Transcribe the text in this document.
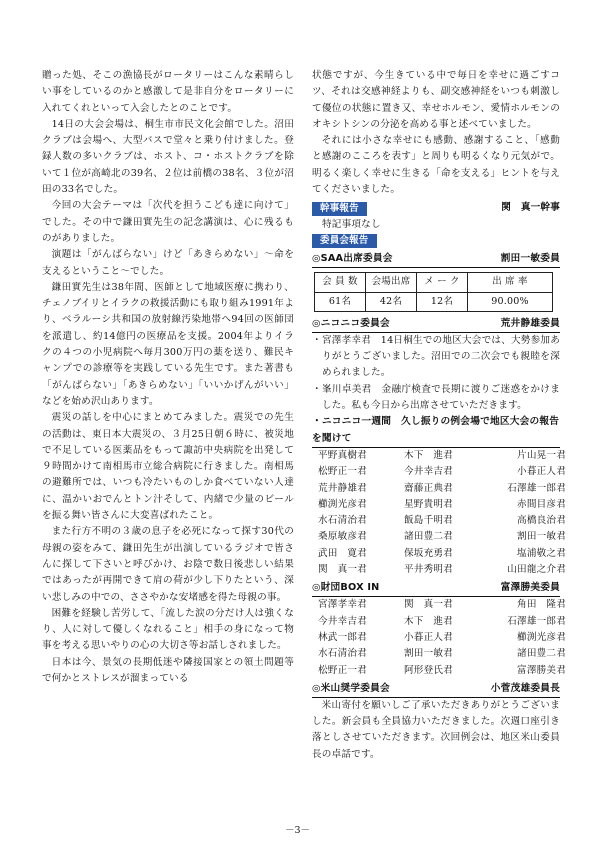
贈った処、そこの漁協長がロータリーはこんな素晴らしい事をしているのかと感激して是非自分をロータリーに入れてくれといって入会したとのことです。

14日の大会会場は、桐生市市民文化会館でした。沼田クラブは会場へ、大型バスで堂々と乗り付けました。登録人数の多いクラブは、ホスト、コ・ホストクラブを除いて１位が高崎北の39名、２位は前橋の38名、３位が沼田の33名でした。

今回の大会テーマは「次代を担うこども達に向けて」でした。その中で鎌田實先生の記念講演は、心に残るものがありました。

演題は「がんばらない」けど「あきらめない」～命を支えるということ～でした。

鎌田實先生は38年間、医師として地域医療に携わり、チェノブイリとイラクの救援活動にも取り組み1991年より、ベラルーシ共和国の放射線汚染地帯へ94回の医師団を派遣し、約14億円の医療品を支援。2004年よりイラクの４つの小児病院へ毎月300万円の薬を送り、難民キャンプでの診療等を実践している先生です。また著書も「がんばらない」「あきらめない」「いいかげんがいい」などを始め沢山あります。

震災の話しを中心にまとめてみました。震災での先生の活動は、東日本大震災の、３月25日朝６時に、被災地で不足している医薬品をもって諏訪中央病院を出発して９時間かけて南相馬市立総合病院に行きました。南相馬の避難所では、いつも冷たいものしか食べていない人達に、温かいおでんとトン汁そして、内緒で少量のビールを振る舞い皆さんに大変喜ばれたこと。

また行方不明の３歳の息子を必死になって探す30代の母親の姿をみて、鎌田先生が出演しているラジオで皆さんに探して下さいと呼びかけ、お陰で数日後悲しい結果ではあったが再開できて肩の荷が少し下りたという、深い悲しみの中での、ささやかな安堵感を得た母親の事。

困難を経験し苦労して、「流した涙の分だけ人は強くなり、人に対して優しくなれること」相手の身になって物事を考える思いやりの心の大切さ等お話しされました。

日本は今、景気の長期低迷や隣接国家との領土問題等で何かとストレスが溜まっている

状態ですが、今生きている中で毎日を幸せに過ごすコツ、それは交感神経よりも、副交感神経をいつも刺激して優位の状態に置き又、幸せホルモン、愛情ホルモンのオキシトシンの分泌を高める事と述べていました。

それには小さな幸せにも感動、感謝すること、「感動と感謝のこころを表す」と周りも明るくなり元気がで。明るく楽しく幸せに生きる「命を支える」ヒントを与えてくださいました。

幹事報告	関　真一幹事
特記事項なし
委員会報告
◎SAA出席委員会	割田一敏委員
会 員 数	会場出席	メ ー ク	出 席 率
61名	42名	12名	90.00%
◎ニコニコ委員会	荒井静雄委員
・ 宮澤孝幸君　14日桐生での地区大会では、大勢参加ありがとうございました。沼田での二次会でも親睦を深められました。
・ 峯川卓美君　金融庁検査で長期に渡りご迷惑をかけました。私も今日から出席させていただきます。
・ニコニコ一週間　久し振りの例会場で地区大会の報告を聞けて
平野真樹君	木下　進君	片山晃一君
松野正一君	今井幸吉君	小暮正人君
荒井静雄君	齋藤正典君	石澤雄一郎君
櫛渕光彦君	星野貴明君	赤間目彦君
水石清治君	飯島千明君	高橋良治君
桑原敏彦君	諸田豊二君	割田一敏君
武田　寛君	保坂充勇君	塩浦敬之君
関　真一君	平井秀明君	山田龍之介君
◎財団BOX IN	富澤勝美委員
宮澤孝幸君	関　真一君	角田　隆君
今井幸吉君	木下　進君	石澤雄一郎君
林武一郎君	小暮正人君	櫛渕光彦君
水石清治君	割田一敏君	諸田豊二君
松野正一君	阿形登氏君	富澤勝美君
◎米山奨学委員会	小菅茂雄委員長

米山寄付を願いしご了承いただきありがとうございました。新会員も全員協力いただきました。次週口座引き落としさせていただきます。次回例会は、地区米山委員長の卓話です。

－3－
